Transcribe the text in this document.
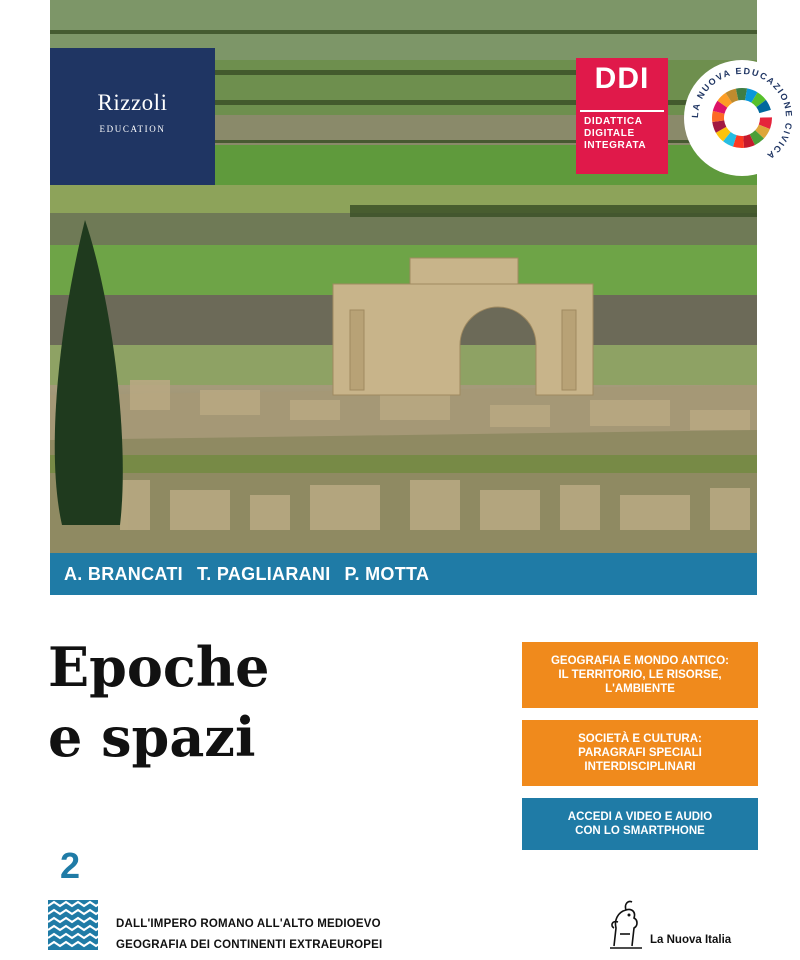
Rizzoli
EDUCATION
DDI
DIDATTICA
DIGITALE
INTEGRATA
LA NUOVA EDUCAZIONE CIVICA
A. BRANCATI T. PAGLIARANI P. MOTTA
Epoche
e spazi
GEOGRAFIA E MONDO ANTICO:
IL TERRITORIO, LE RISORSE,
L'AMBIENTE
SOCIETÀ E CULTURA:
PARAGRAFI SPECIALI
INTERDISCIPLINARI
ACCEDI A VIDEO E AUDIO
CON LO SMARTPHONE
2
DALL'IMPERO ROMANO ALL'ALTO MEDIOEVO
GEOGRAFIA DEI CONTINENTI EXTRAEUROPEI	La Nuova Italia
